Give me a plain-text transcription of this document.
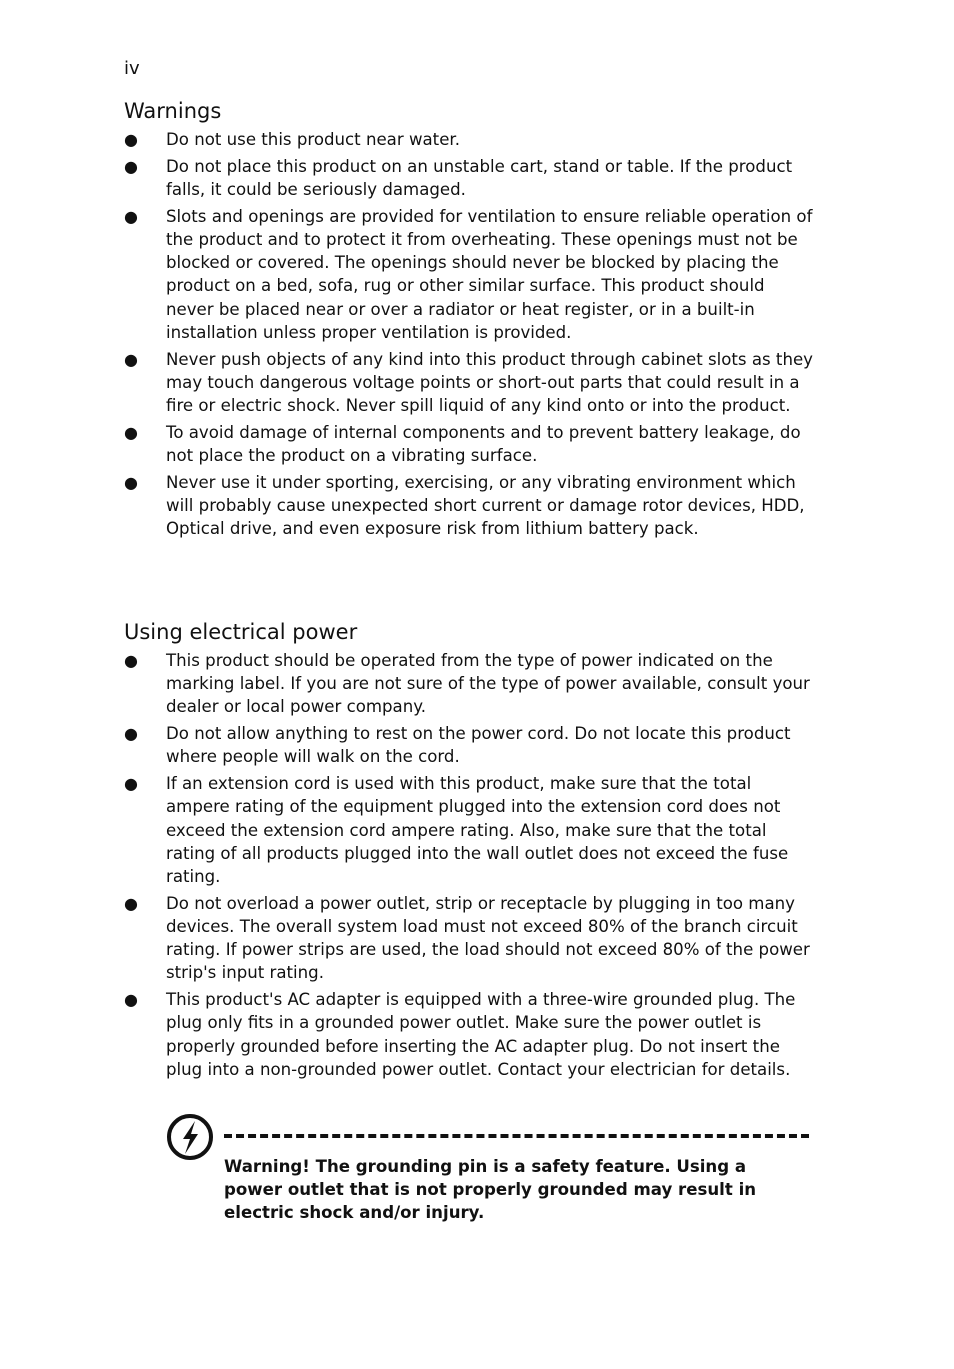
iv
Warnings
● Do not use this product near water.
● Do not place this product on an unstable cart, stand or table. If the product falls, it could be seriously damaged.
● Slots and openings are provided for ventilation to ensure reliable operation of the product and to protect it from overheating. These openings must not be blocked or covered. The openings should never be blocked by placing the product on a bed, sofa, rug or other similar surface. This product should never be placed near or over a radiator or heat register, or in a built-in installation unless proper ventilation is provided.
● Never push objects of any kind into this product through cabinet slots as they may touch dangerous voltage points or short-out parts that could result in a fire or electric shock. Never spill liquid of any kind onto or into the product.
● To avoid damage of internal components and to prevent battery leakage, do not place the product on a vibrating surface.
● Never use it under sporting, exercising, or any vibrating environment which will probably cause unexpected short current or damage rotor devices, HDD, Optical drive, and even exposure risk from lithium battery pack.
Using electrical power
● This product should be operated from the type of power indicated on the marking label. If you are not sure of the type of power available, consult your dealer or local power company.
● Do not allow anything to rest on the power cord. Do not locate this product where people will walk on the cord.
● If an extension cord is used with this product, make sure that the total ampere rating of the equipment plugged into the extension cord does not exceed the extension cord ampere rating. Also, make sure that the total rating of all products plugged into the wall outlet does not exceed the fuse rating.
● Do not overload a power outlet, strip or receptacle by plugging in too many devices. The overall system load must not exceed 80% of the branch circuit rating. If power strips are used, the load should not exceed 80% of the power strip's input rating.
● This product's AC adapter is equipped with a three-wire grounded plug. The plug only fits in a grounded power outlet. Make sure the power outlet is properly grounded before inserting the AC adapter plug. Do not insert the plug into a non-grounded power outlet. Contact your electrician for details.
Warning! The grounding pin is a safety feature. Using a power outlet that is not properly grounded may result in electric shock and/or injury.
